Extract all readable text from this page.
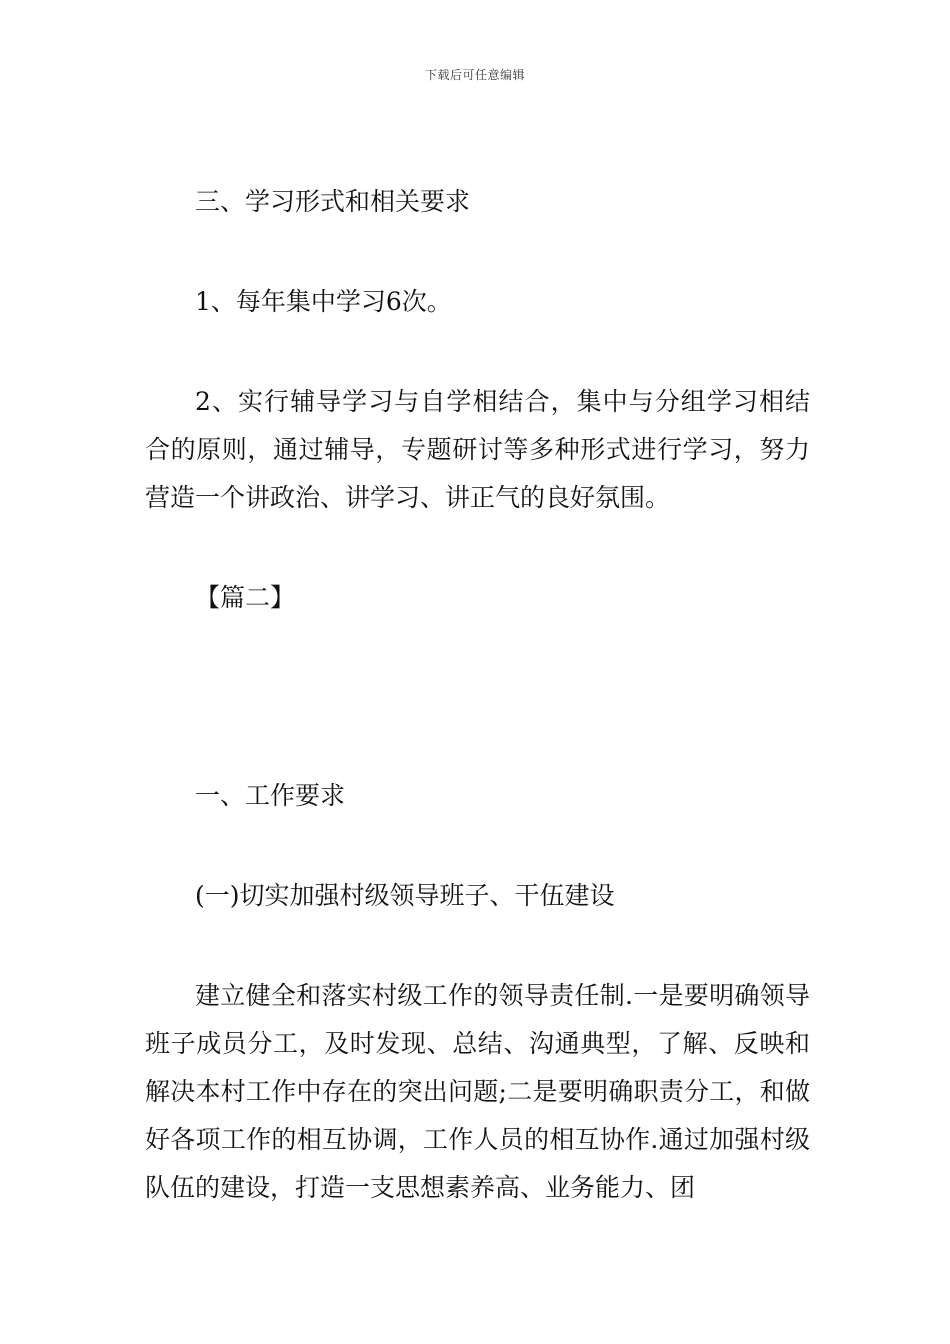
下载后可任意编辑

三、学习形式和相关要求

1、每年集中学习6次。

2、实行辅导学习与自学相结合，集中与分组学习相结合的原则，通过辅导，专题研讨等多种形式进行学习，努力营造一个讲政治、讲学习、讲正气的良好氛围。

【篇二】

一、工作要求

(一)切实加强村级领导班子、干伍建设

建立健全和落实村级工作的领导责任制.一是要明确领导班子成员分工，及时发现、总结、沟通典型，了解、反映和解决本村工作中存在的突出问题;二是要明确职责分工，和做好各项工作的相互协调，工作人员的相互协作.通过加强村级队伍的建设，打造一支思想素养高、业务能力、团
